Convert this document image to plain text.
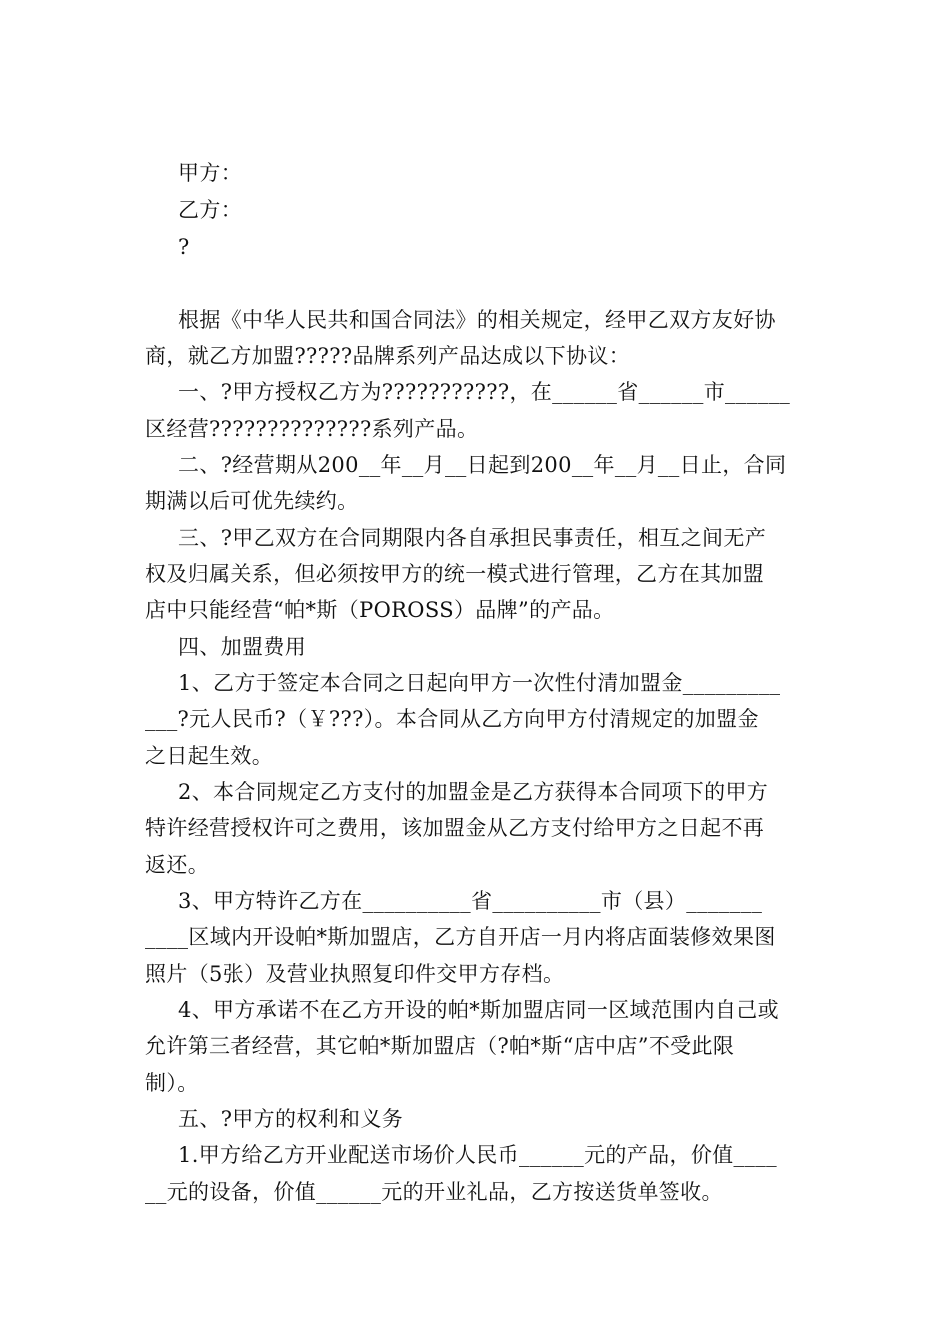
甲方：
乙方：
?
根据《中华人民共和国合同法》的相关规定，经甲乙双方友好协
商，就乙方加盟?????品牌系列产品达成以下协议：
一、?甲方授权乙方为???????????，在______省______市______
区经营??????????????系列产品。
二、?经营期从200__年__月__日起到200__年__月__日止，合同
期满以后可优先续约。
三、?甲乙双方在合同期限内各自承担民事责任，相互之间无产
权及归属关系，但必须按甲方的统一模式进行管理，乙方在其加盟
店中只能经营“帕*斯（POROSS）品牌”的产品。
四、加盟费用
1、乙方于签定本合同之日起向甲方一次性付清加盟金_________
___?元人民币?（￥???）。本合同从乙方向甲方付清规定的加盟金
之日起生效。
2、本合同规定乙方支付的加盟金是乙方获得本合同项下的甲方
特许经营授权许可之费用，该加盟金从乙方支付给甲方之日起不再
返还。
3、甲方特许乙方在__________省__________市（县）_______
____区域内开设帕*斯加盟店，乙方自开店一月内将店面装修效果图
照片（5张）及营业执照复印件交甲方存档。
4、甲方承诺不在乙方开设的帕*斯加盟店同一区域范围内自己或
允许第三者经营，其它帕*斯加盟店（?帕*斯“店中店”不受此限
制）。
五、?甲方的权利和义务
1.甲方给乙方开业配送市场价人民币______元的产品，价值____
__元的设备，价值______元的开业礼品，乙方按送货单签收。
